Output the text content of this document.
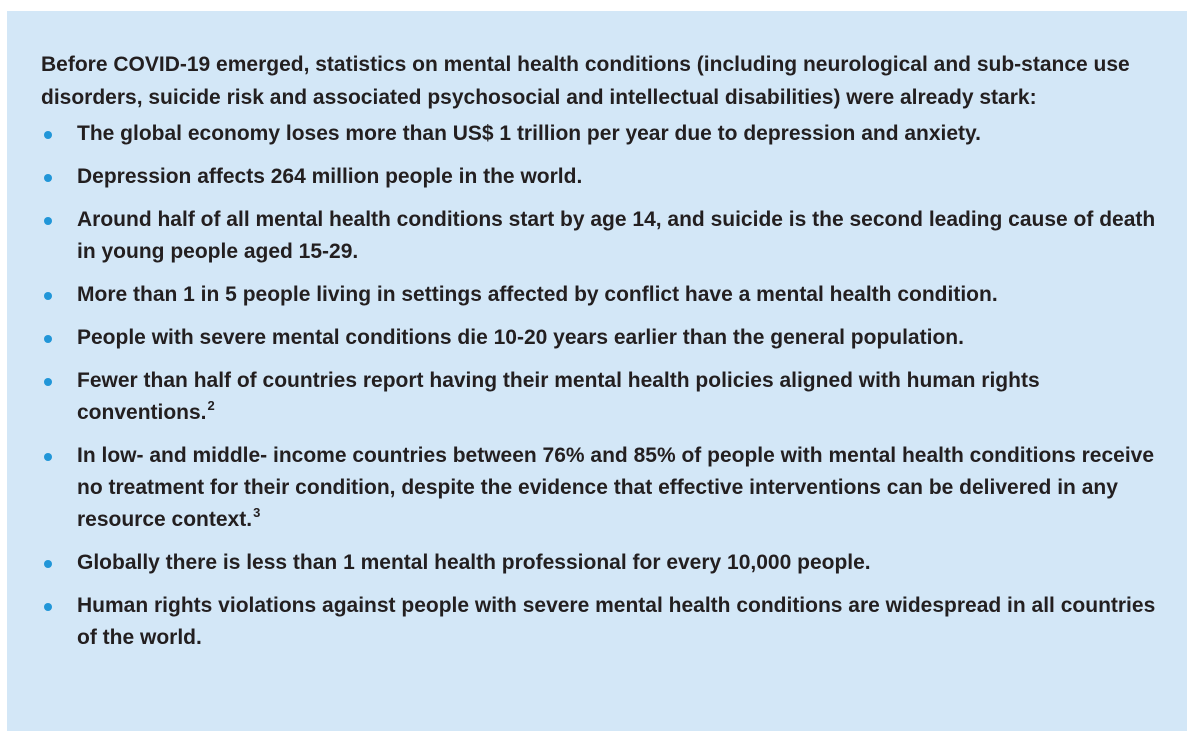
Before COVID-19 emerged, statistics on mental health conditions (including neurological and sub-stance use disorders, suicide risk and associated psychosocial and intellectual disabilities) were already stark:

The global economy loses more than US$ 1 trillion per year due to depression and anxiety.
Depression affects 264 million people in the world.
Around half of all mental health conditions start by age 14, and suicide is the second leading cause of death in young people aged 15-29.
More than 1 in 5 people living in settings affected by conflict have a mental health condition.
People with severe mental conditions die 10-20 years earlier than the general population.
Fewer than half of countries report having their mental health policies aligned with human rights conventions.$^2$
In low- and middle- income countries between 76% and 85% of people with mental health conditions receive no treatment for their condition, despite the evidence that effective interventions can be delivered in any resource context.$^3$
Globally there is less than 1 mental health professional for every 10,000 people.
Human rights violations against people with severe mental health conditions are widespread in all countries of the world.
